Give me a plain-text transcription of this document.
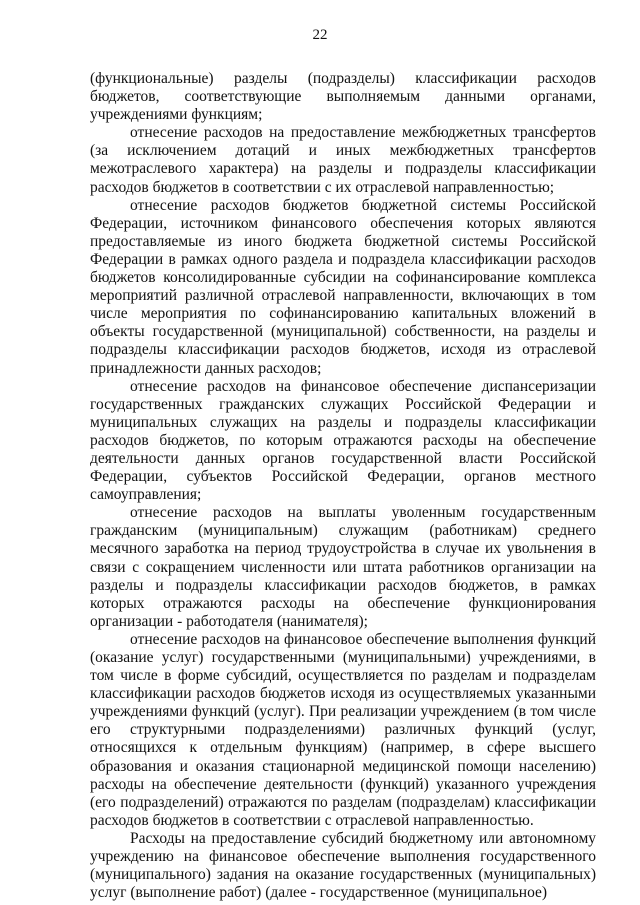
22

(функциональные) разделы (подразделы) классификации расходов бюджетов, соответствующие выполняемым данными органами, учреждениями функциям;

отнесение расходов на предоставление межбюджетных трансфертов (за исключением дотаций и иных межбюджетных трансфертов межотраслевого характера) на разделы и подразделы классификации расходов бюджетов в соответствии с их отраслевой направленностью;

отнесение расходов бюджетов бюджетной системы Российской Федерации, источником финансового обеспечения которых являются предоставляемые из иного бюджета бюджетной системы Российской Федерации в рамках одного раздела и подраздела классификации расходов бюджетов консолидированные субсидии на софинансирование комплекса мероприятий различной отраслевой направленности, включающих в том числе мероприятия по софинансированию капитальных вложений в объекты государственной (муниципальной) собственности, на разделы и подразделы классификации расходов бюджетов, исходя из отраслевой принадлежности данных расходов;

отнесение расходов на финансовое обеспечение диспансеризации государственных гражданских служащих Российской Федерации и муниципальных служащих на разделы и подразделы классификации расходов бюджетов, по которым отражаются расходы на обеспечение деятельности данных органов государственной власти Российской Федерации, субъектов Российской Федерации, органов местного самоуправления;

отнесение расходов на выплаты уволенным государственным гражданским (муниципальным) служащим (работникам) среднего месячного заработка на период трудоустройства в случае их увольнения в связи с сокращением численности или штата работников организации на разделы и подразделы классификации расходов бюджетов, в рамках которых отражаются расходы на обеспечение функционирования организации - работодателя (нанимателя);

отнесение расходов на финансовое обеспечение выполнения функций (оказание услуг) государственными (муниципальными) учреждениями, в том числе в форме субсидий, осуществляется по разделам и подразделам классификации расходов бюджетов исходя из осуществляемых указанными учреждениями функций (услуг). При реализации учреждением (в том числе его структурными подразделениями) различных функций (услуг, относящихся к отдельным функциям) (например, в сфере высшего образования и оказания стационарной медицинской помощи населению) расходы на обеспечение деятельности (функций) указанного учреждения (его подразделений) отражаются по разделам (подразделам) классификации расходов бюджетов в соответствии с отраслевой направленностью.

Расходы на предоставление субсидий бюджетному или автономному учреждению на финансовое обеспечение выполнения государственного (муниципального) задания на оказание государственных (муниципальных) услуг (выполнение работ) (далее - государственное (муниципальное)
